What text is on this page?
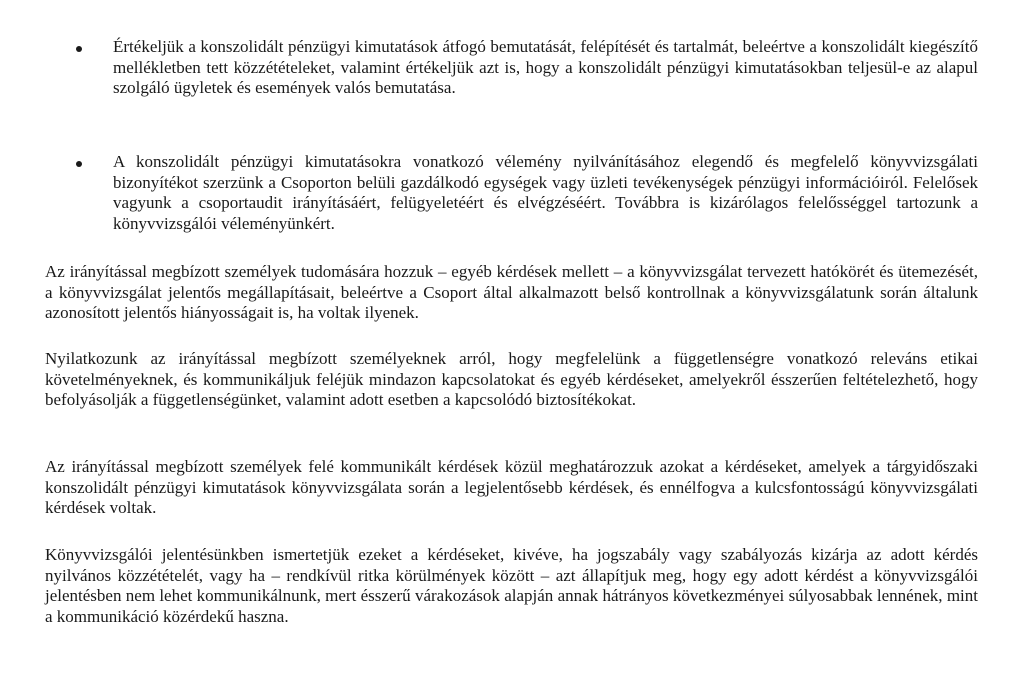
Értékeljük a konszolidált pénzügyi kimutatások átfogó bemutatását, felépítését és tartalmát, beleértve a konszolidált kiegészítő mellékletben tett közzétételeket, valamint értékeljük azt is, hogy a konszolidált pénzügyi kimutatásokban teljesül-e az alapul szolgáló ügyletek és események valós bemutatása.
A konszolidált pénzügyi kimutatásokra vonatkozó vélemény nyilvánításához elegendő és megfelelő könyvvizsgálati bizonyítékot szerzünk a Csoporton belüli gazdálkodó egységek vagy üzleti tevékenységek pénzügyi információiról. Felelősek vagyunk a csoportaudit irányításáért, felügyeletéért és elvégzéséért. Továbbra is kizárólagos felelősséggel tartozunk a könyvvizsgálói véleményünkért.
Az irányítással megbízott személyek tudomására hozzuk – egyéb kérdések mellett – a könyvvizsgálat tervezett hatókörét és ütemezését, a könyvvizsgálat jelentős megállapításait, beleértve a Csoport által alkalmazott belső kontrollnak a könyvvizsgálatunk során általunk azonosított jelentős hiányosságait is, ha voltak ilyenek.
Nyilatkozunk az irányítással megbízott személyeknek arról, hogy megfelelünk a függetlenségre vonatkozó releváns etikai követelményeknek, és kommunikáljuk feléjük mindazon kapcsolatokat és egyéb kérdéseket, amelyekről ésszerűen feltételezhető, hogy befolyásolják a függetlenségünket, valamint adott esetben a kapcsolódó biztosítékokat.
Az irányítással megbízott személyek felé kommunikált kérdések közül meghatározzuk azokat a kérdéseket, amelyek a tárgyidőszaki konszolidált pénzügyi kimutatások könyvvizsgálata során a legjelentősebb kérdések, és ennélfogva a kulcsfontosságú könyvvizsgálati kérdések voltak.
Könyvvizsgálói jelentésünkben ismertetjük ezeket a kérdéseket, kivéve, ha jogszabály vagy szabályozás kizárja az adott kérdés nyilvános közzétételét, vagy ha – rendkívül ritka körülmények között – azt állapítjuk meg, hogy egy adott kérdést a könyvvizsgálói jelentésben nem lehet kommunikálnunk, mert ésszerű várakozások alapján annak hátrányos következményei súlyosabbak lennének, mint a kommunikáció közérdekű haszna.
